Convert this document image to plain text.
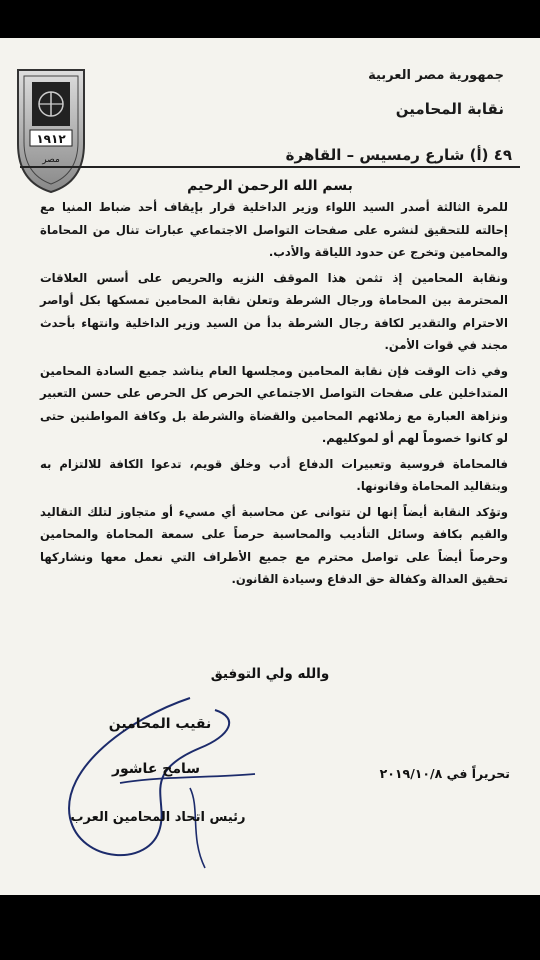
١٩١٢
مصر
جمهورية مصر العربية
نقابة المحامين
٤٩ (أ) شارع رمسيس – القاهرة
بسم الله الرحمن الرحيم

للمرة الثالثة أصدر السيد اللواء وزير الداخلية قرار بإيقاف أحد ضباط المنيا مع إحالته للتحقيق لنشره على صفحات التواصل الاجتماعي عبارات تنال من المحاماة والمحامين وتخرج عن حدود اللياقة والأدب.

ونقابة المحامين إذ تثمن هذا الموقف النزيه والحريص على أسس العلاقات المحترمة بين المحاماة ورجال الشرطة وتعلن نقابة المحامين تمسكها بكل أواصر الاحترام والتقدير لكافة رجال الشرطة بدأ من السيد وزير الداخلية وانتهاء بأحدث مجند في قوات الأمن.

وفي ذات الوقت فإن نقابة المحامين ومجلسها العام يناشد جميع السادة المحامين المتداخلين على صفحات التواصل الاجتماعي الحرص كل الحرص على حسن التعبير ونزاهة العبارة مع زملائهم المحامين والقضاة والشرطة بل وكافة المواطنين حتى لو كانوا خصوماً لهم أو لموكليهم.

فالمحاماة فروسية وتعبيرات الدفاع أدب وخلق قويم، تدعوا الكافة للالتزام به وبتقاليد المحاماة وقانونها.

وتؤكد النقابة أيضاً إنها لن تتوانى عن محاسبة أي مسيء أو متجاوز لتلك التقاليد والقيم بكافة وسائل التأديب والمحاسبة حرصاً على سمعة المحاماة والمحامين وحرصاً أيضاً على تواصل محترم مع جميع الأطراف التي نعمل معها ونشاركها تحقيق العدالة وكفالة حق الدفاع وسيادة القانون.

والله ولي التوفيق
نقيب المحامين
سامح عاشور
رئيس اتحاد المحامين العرب
تحريراً في ٢٠١٩/١٠/٨
